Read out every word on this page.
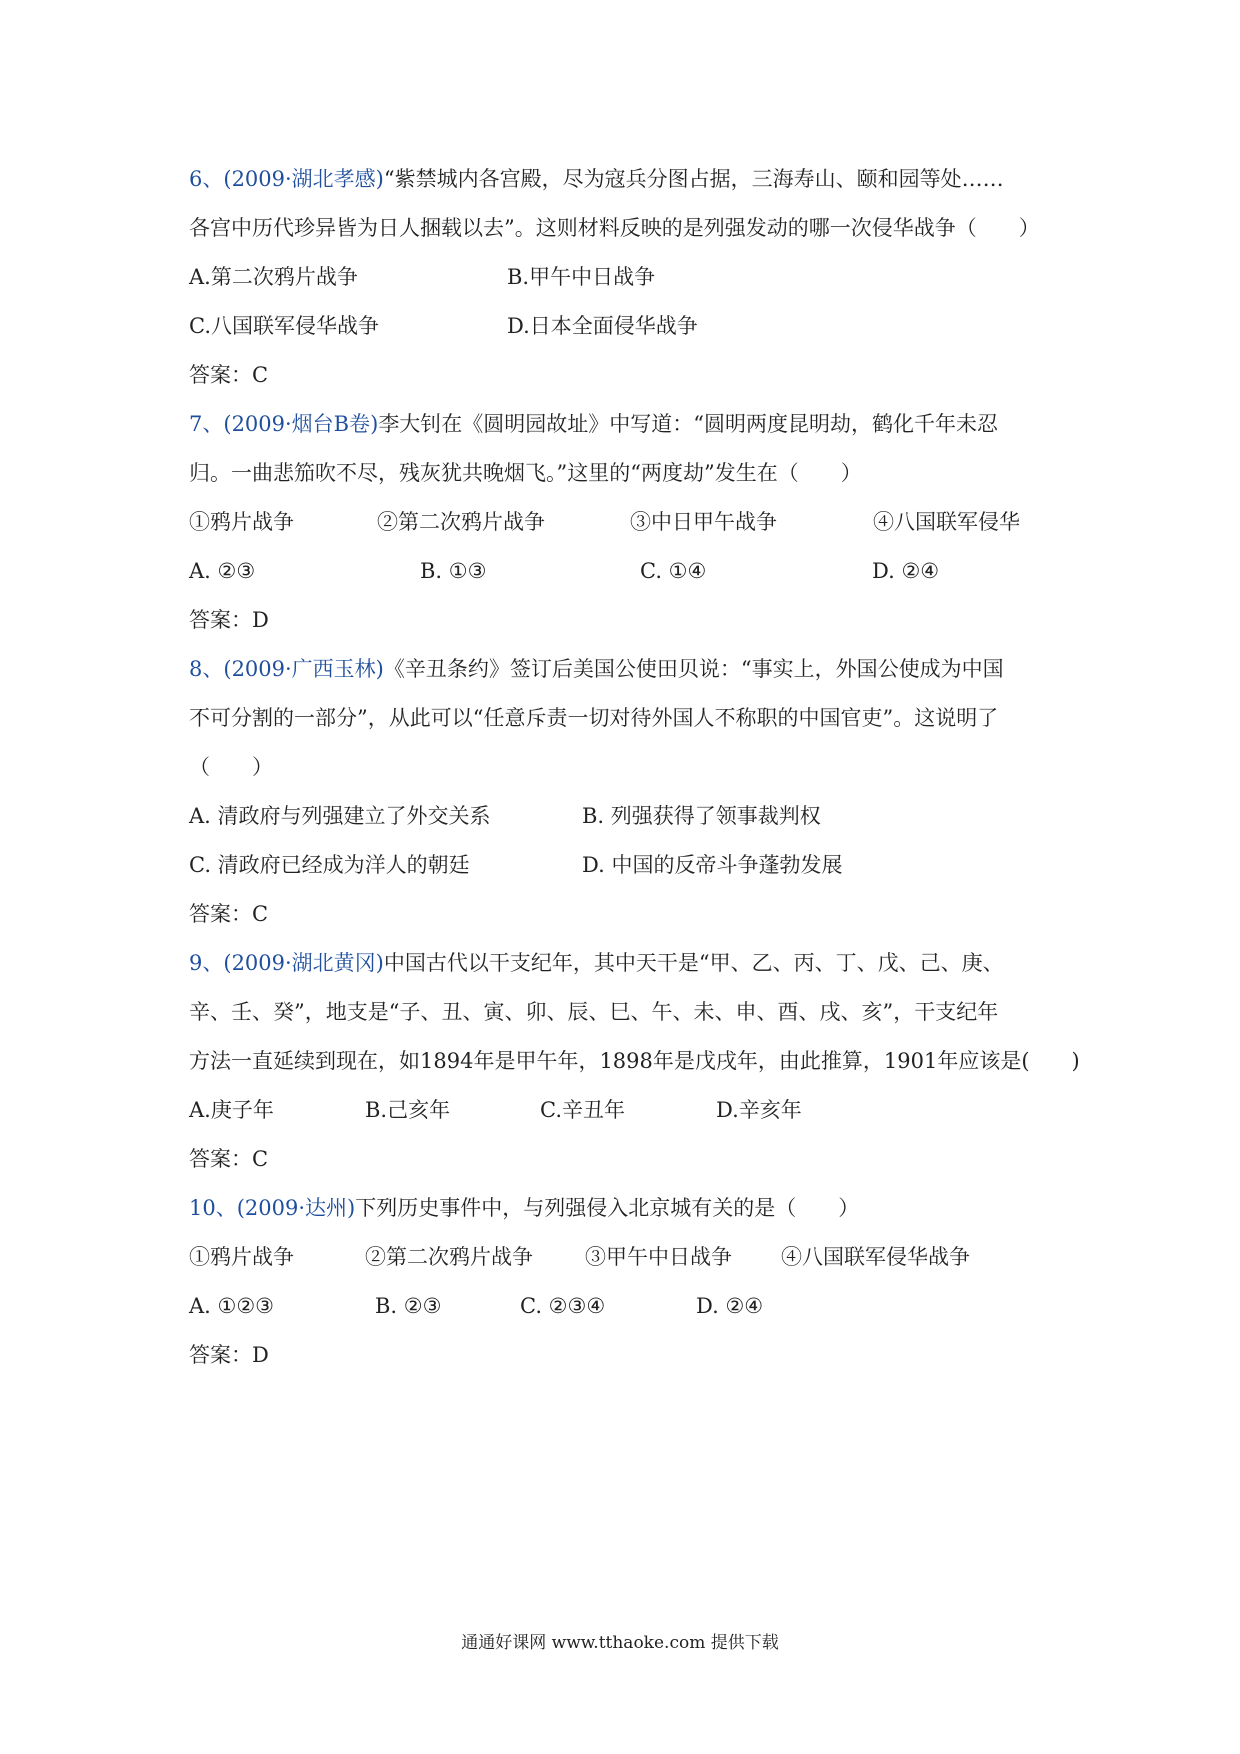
6、(2009·湖北孝感)“紫禁城内各宫殿，尽为寇兵分图占据，三海寿山、颐和园等处……
各宫中历代珍异皆为日人捆载以去”。这则材料反映的是列强发动的哪一次侵华战争（　　）
A.第二次鸦片战争	B.甲午中日战争
C.八国联军侵华战争	D.日本全面侵华战争
答案：C
7、(2009·烟台B卷)李大钊在《圆明园故址》中写道：“圆明两度昆明劫，鹤化千年未忍
归。一曲悲笳吹不尽，残灰犹共晚烟飞。”这里的“两度劫”发生在（　　）
①鸦片战争	②第二次鸦片战争	③中日甲午战争	④八国联军侵华
A. ②③	B. ①③	C. ①④	D. ②④
答案：D
8、(2009·广西玉林)《辛丑条约》签订后美国公使田贝说：“事实上，外国公使成为中国
不可分割的一部分”，从此可以“任意斥责一切对待外国人不称职的中国官吏”。这说明了
（　　）
A. 清政府与列强建立了外交关系	B. 列强获得了领事裁判权
C. 清政府已经成为洋人的朝廷	D. 中国的反帝斗争蓬勃发展
答案：C
9、(2009·湖北黄冈)中国古代以干支纪年，其中天干是“甲、乙、丙、丁、戊、己、庚、
辛、壬、癸”，地支是“子、丑、寅、卯、辰、巳、午、未、申、酉、戌、亥”，干支纪年
方法一直延续到现在，如1894年是甲午年，1898年是戊戌年，由此推算，1901年应该是(　　)
A.庚子年	B.己亥年	C.辛丑年	D.辛亥年
答案：C
10、(2009·达州)下列历史事件中，与列强侵入北京城有关的是（　　）
①鸦片战争	②第二次鸦片战争	③甲午中日战争	④八国联军侵华战争
A. ①②③	B. ②③	C. ②③④	D. ②④
答案：D
通通好课网 www.tthaoke.com 提供下载
